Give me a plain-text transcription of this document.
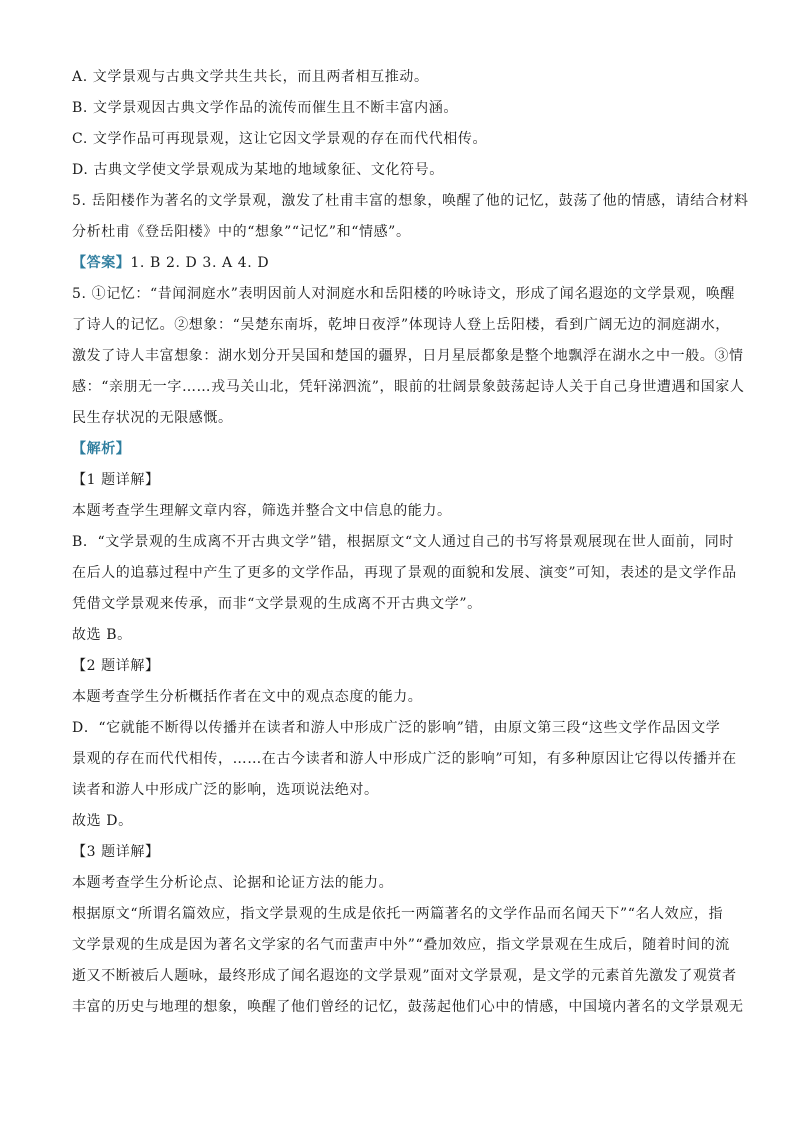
A. 文学景观与古典文学共生共长，而且两者相互推动。
B. 文学景观因古典文学作品的流传而催生且不断丰富内涵。
C. 文学作品可再现景观，这让它因文学景观的存在而代代相传。
D. 古典文学使文学景观成为某地的地域象征、文化符号。
5. 岳阳楼作为著名的文学景观，激发了杜甫丰富的想象，唤醒了他的记忆，鼓荡了他的情感，请结合材料
分析杜甫《登岳阳楼》中的“想象”“记忆”和“情感”。
【答案】1. B 2. D 3. A 4. D
5. ①记忆：“昔闻洞庭水”表明因前人对洞庭水和岳阳楼的吟咏诗文，形成了闻名遐迩的文学景观，唤醒
了诗人的记忆。②想象：“吴楚东南坼，乾坤日夜浮”体现诗人登上岳阳楼，看到广阔无边的洞庭湖水，
激发了诗人丰富想象：湖水划分开吴国和楚国的疆界，日月星辰都象是整个地飘浮在湖水之中一般。③情
感：“亲朋无一字……戎马关山北，凭轩涕泗流”，眼前的壮阔景象鼓荡起诗人关于自己身世遭遇和国家人
民生存状况的无限感慨。
【解析】
【1 题详解】
本题考查学生理解文章内容，筛选并整合文中信息的能力。
B．“文学景观的生成离不开古典文学”错，根据原文“文人通过自己的书写将景观展现在世人面前，同时
在后人的追慕过程中产生了更多的文学作品，再现了景观的面貌和发展、演变”可知，表述的是文学作品
凭借文学景观来传承，而非“文学景观的生成离不开古典文学”。
故选 B。
【2 题详解】
本题考查学生分析概括作者在文中的观点态度的能力。
D．“它就能不断得以传播并在读者和游人中形成广泛的影响”错，由原文第三段“这些文学作品因文学
景观的存在而代代相传，……在古今读者和游人中形成广泛的影响”可知，有多种原因让它得以传播并在
读者和游人中形成广泛的影响，选项说法绝对。
故选 D。
【3 题详解】
本题考查学生分析论点、论据和论证方法的能力。
根据原文“所谓名篇效应，指文学景观的生成是依托一两篇著名的文学作品而名闻天下”“名人效应，指
文学景观的生成是因为著名文学家的名气而蜚声中外”“叠加效应，指文学景观在生成后，随着时间的流
逝又不断被后人题咏，最终形成了闻名遐迩的文学景观”面对文学景观，是文学的元素首先激发了观赏者
丰富的历史与地理的想象，唤醒了他们曾经的记忆，鼓荡起他们心中的情感，中国境内著名的文学景观无
